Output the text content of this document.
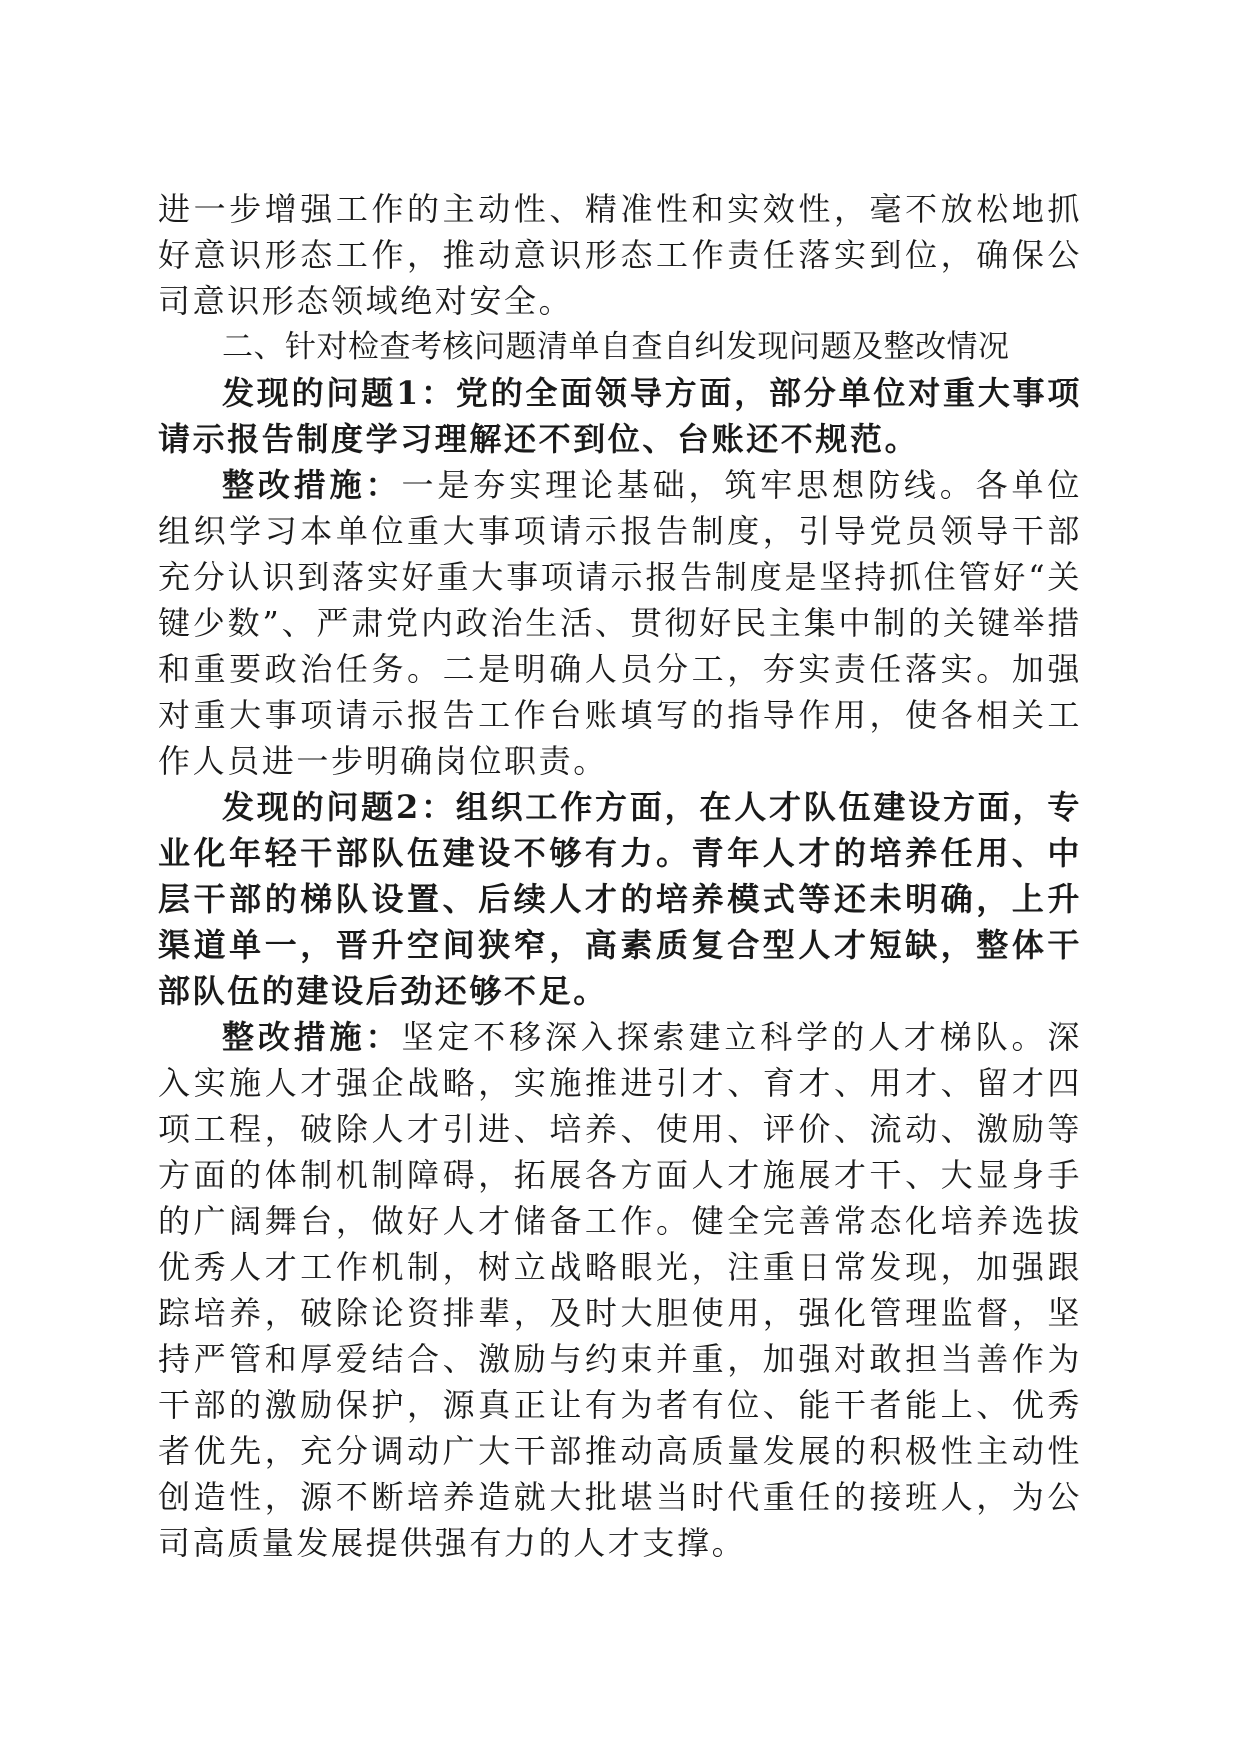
进一步增强工作的主动性、精准性和实效性，毫不放松地抓好意识形态工作，推动意识形态工作责任落实到位，确保公司意识形态领域绝对安全。

二、针对检查考核问题清单自查自纠发现问题及整改情况

发现的问题1：党的全面领导方面，部分单位对重大事项请示报告制度学习理解还不到位、台账还不规范。

整改措施：一是夯实理论基础，筑牢思想防线。各单位组织学习本单位重大事项请示报告制度，引导党员领导干部充分认识到落实好重大事项请示报告制度是坚持抓住管好“关键少数”、严肃党内政治生活、贯彻好民主集中制的关键举措和重要政治任务。二是明确人员分工，夯实责任落实。加强对重大事项请示报告工作台账填写的指导作用，使各相关工作人员进一步明确岗位职责。

发现的问题2：组织工作方面，在人才队伍建设方面，专业化年轻干部队伍建设不够有力。青年人才的培养任用、中层干部的梯队设置、后续人才的培养模式等还未明确，上升渠道单一，晋升空间狭窄，高素质复合型人才短缺，整体干部队伍的建设后劲还够不足。

整改措施：坚定不移深入探索建立科学的人才梯队。深入实施人才强企战略，实施推进引才、育才、用才、留才四项工程，破除人才引进、培养、使用、评价、流动、激励等方面的体制机制障碍，拓展各方面人才施展才干、大显身手的广阔舞台，做好人才储备工作。健全完善常态化培养选拔优秀人才工作机制，树立战略眼光，注重日常发现，加强跟踪培养，破除论资排辈，及时大胆使用，强化管理监督，坚持严管和厚爱结合、激励与约束并重，加强对敢担当善作为干部的激励保护，源真正让有为者有位、能干者能上、优秀者优先，充分调动广大干部推动高质量发展的积极性主动性创造性，源不断培养造就大批堪当时代重任的接班人，为公司高质量发展提供强有力的人才支撑。
